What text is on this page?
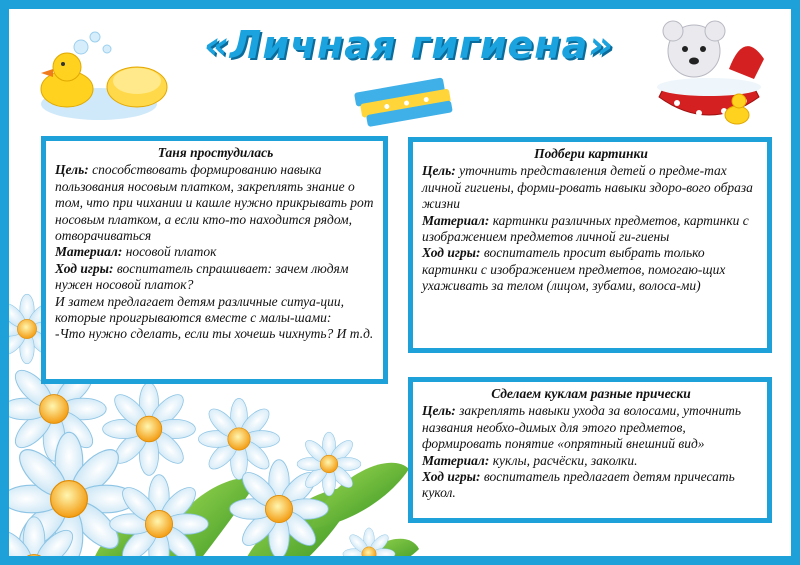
«Личная гигиена»
Таня простудилась

Цель: способствовать формированию навыка пользования носовым платком, закреплять знание о том, что при чихании и кашле нужно прикрывать рот носовым платком, а если кто-то находится рядом, отворачиваться

Материал: носовой платок

Ход игры: воспитатель спрашивает: зачем людям нужен носовой платок?

И затем предлагает детям различные ситуа-ции, которые проигрываются вместе с малы-шами:

-Что нужно сделать, если ты хочешь чихнуть? И т.д.

Подбери картинки

Цель: уточнить представления детей о предме-тах личной гигиены, форми-ровать навыки здоро-вого образа жизни

Материал: картинки различных предметов, картинки с изображением предметов личной ги-гиены

Ход игры: воспитатель просит выбрать только картинки с изображением предметов, помогаю-щих ухаживать за телом (лицом, зубами, волоса-ми)

Сделаем куклам разные прически

Цель: закреплять навыки ухода за волосами, уточнить названия необхо-димых для этого предметов, формировать понятие «опрятный внешний вид»

Материал: куклы, расчёски, заколки.

Ход игры: воспитатель предлагает детям причесать кукол.
